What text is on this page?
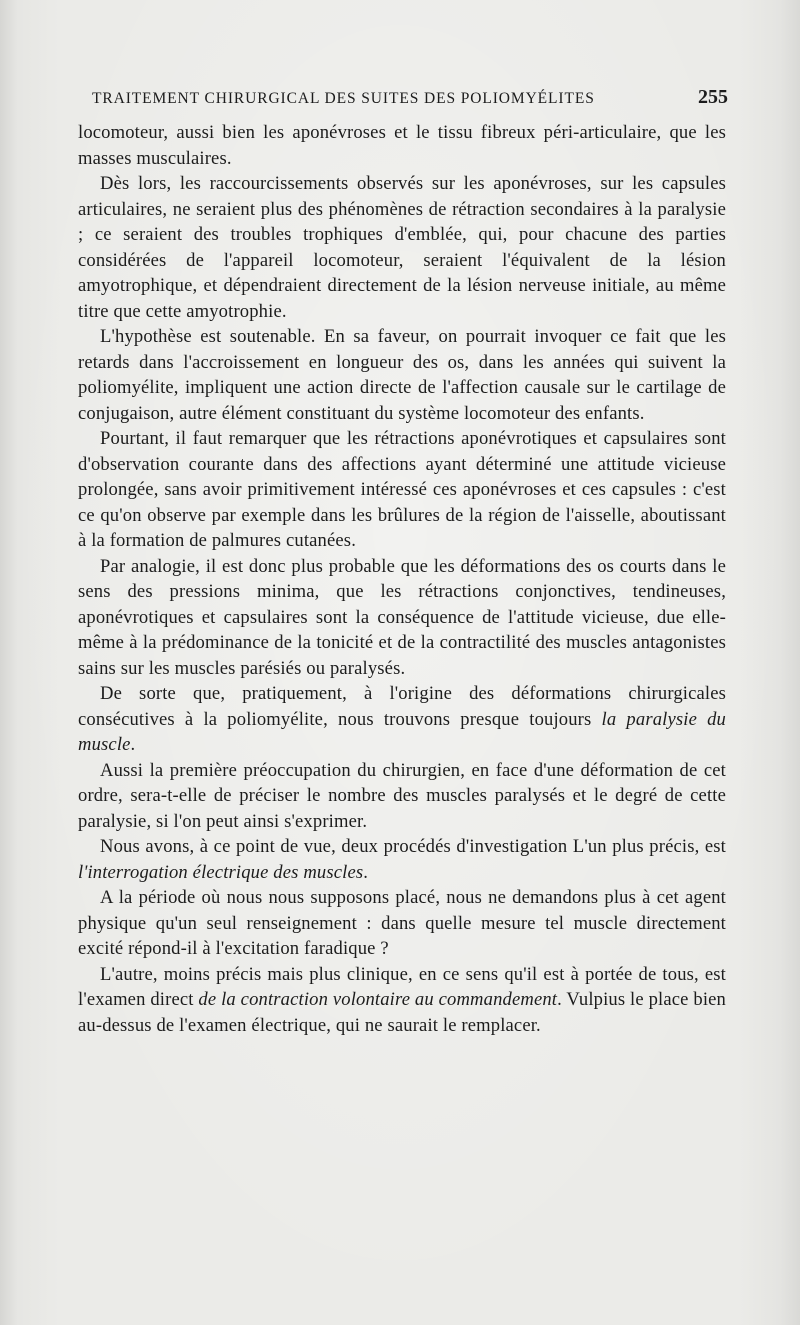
TRAITEMENT CHIRURGICAL DES SUITES DES POLIOMYÉLITES	255

locomoteur, aussi bien les aponévroses et le tissu fibreux péri-articulaire, que les masses musculaires.

Dès lors, les raccourcissements observés sur les aponévroses, sur les capsules articulaires, ne seraient plus des phénomènes de rétraction secondaires à la paralysie ; ce seraient des troubles trophiques d'emblée, qui, pour chacune des parties considérées de l'appareil locomoteur, seraient l'équivalent de la lésion amyotrophique, et dépendraient directement de la lésion nerveuse initiale, au même titre que cette amyotrophie.

L'hypothèse est soutenable. En sa faveur, on pourrait invoquer ce fait que les retards dans l'accroissement en longueur des os, dans les années qui suivent la poliomyélite, impliquent une action directe de l'affection causale sur le cartilage de conjugaison, autre élément constituant du système locomoteur des enfants.

Pourtant, il faut remarquer que les rétractions aponévrotiques et capsulaires sont d'observation courante dans des affections ayant déterminé une attitude vicieuse prolongée, sans avoir primitivement intéressé ces aponévroses et ces capsules : c'est ce qu'on observe par exemple dans les brûlures de la région de l'aisselle, aboutissant à la formation de palmures cutanées.

Par analogie, il est donc plus probable que les déformations des os courts dans le sens des pressions minima, que les rétractions conjonctives, tendineuses, aponévrotiques et capsulaires sont la conséquence de l'attitude vicieuse, due elle-même à la prédominance de la tonicité et de la contractilité des muscles antagonistes sains sur les muscles parésiés ou paralysés.

De sorte que, pratiquement, à l'origine des déformations chirurgicales consécutives à la poliomyélite, nous trouvons presque toujours la paralysie du muscle.

Aussi la première préoccupation du chirurgien, en face d'une déformation de cet ordre, sera-t-elle de préciser le nombre des muscles paralysés et le degré de cette paralysie, si l'on peut ainsi s'exprimer.

Nous avons, à ce point de vue, deux procédés d'investigation L'un plus précis, est l'interrogation électrique des muscles.

A la période où nous nous supposons placé, nous ne demandons plus à cet agent physique qu'un seul renseignement : dans quelle mesure tel muscle directement excité répond-il à l'excitation faradique ?

L'autre, moins précis mais plus clinique, en ce sens qu'il est à portée de tous, est l'examen direct de la contraction volontaire au commandement. Vulpius le place bien au-dessus de l'examen électrique, qui ne saurait le remplacer.
